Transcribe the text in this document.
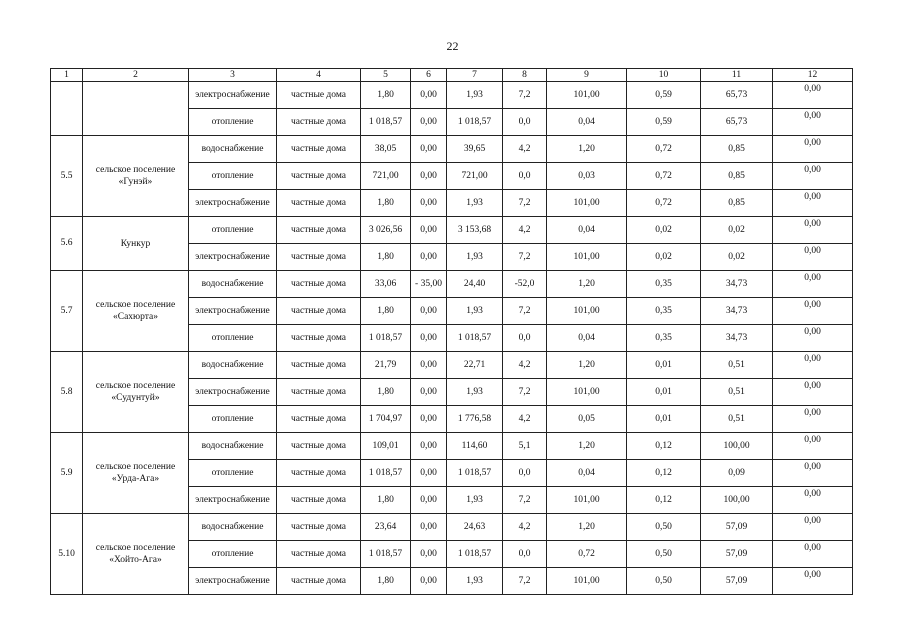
22
1	2	3	4	5	6	7	8	9	10	11	12
		электроснабжение	частные дома	1,80	0,00	1,93	7,2	101,00	0,59	65,73	0,00
		отопление	частные дома	1 018,57	0,00	1 018,57	0,0	0,04	0,59	65,73	0,00
5.5	сельское поселение «Гунэй»	водоснабжение	частные дома	38,05	0,00	39,65	4,2	1,20	0,72	0,85	0,00
		отопление	частные дома	721,00	0,00	721,00	0,0	0,03	0,72	0,85	0,00
		электроснабжение	частные дома	1,80	0,00	1,93	7,2	101,00	0,72	0,85	0,00
5.6	Кункур	отопление	частные дома	3 026,56	0,00	3 153,68	4,2	0,04	0,02	0,02	0,00
		электроснабжение	частные дома	1,80	0,00	1,93	7,2	101,00	0,02	0,02	0,00
5.7	сельское поселение «Сахюрта»	водоснабжение	частные дома	33,06	- 35,00	24,40	-52,0	1,20	0,35	34,73	0,00
		электроснабжение	частные дома	1,80	0,00	1,93	7,2	101,00	0,35	34,73	0,00
		отопление	частные дома	1 018,57	0,00	1 018,57	0,0	0,04	0,35	34,73	0,00
5.8	сельское поселение «Судунтуй»	водоснабжение	частные дома	21,79	0,00	22,71	4,2	1,20	0,01	0,51	0,00
		электроснабжение	частные дома	1,80	0,00	1,93	7,2	101,00	0,01	0,51	0,00
		отопление	частные дома	1 704,97	0,00	1 776,58	4,2	0,05	0,01	0,51	0,00
5.9	сельское поселение «Урда-Ага»	водоснабжение	частные дома	109,01	0,00	114,60	5,1	1,20	0,12	100,00	0,00
		отопление	частные дома	1 018,57	0,00	1 018,57	0,0	0,04	0,12	0,09	0,00
		электроснабжение	частные дома	1,80	0,00	1,93	7,2	101,00	0,12	100,00	0,00
5.10	сельское поселение «Хойто-Ага»	водоснабжение	частные дома	23,64	0,00	24,63	4,2	1,20	0,50	57,09	0,00
		отопление	частные дома	1 018,57	0,00	1 018,57	0,0	0,72	0,50	57,09	0,00
		электроснабжение	частные дома	1,80	0,00	1,93	7,2	101,00	0,50	57,09	0,00
